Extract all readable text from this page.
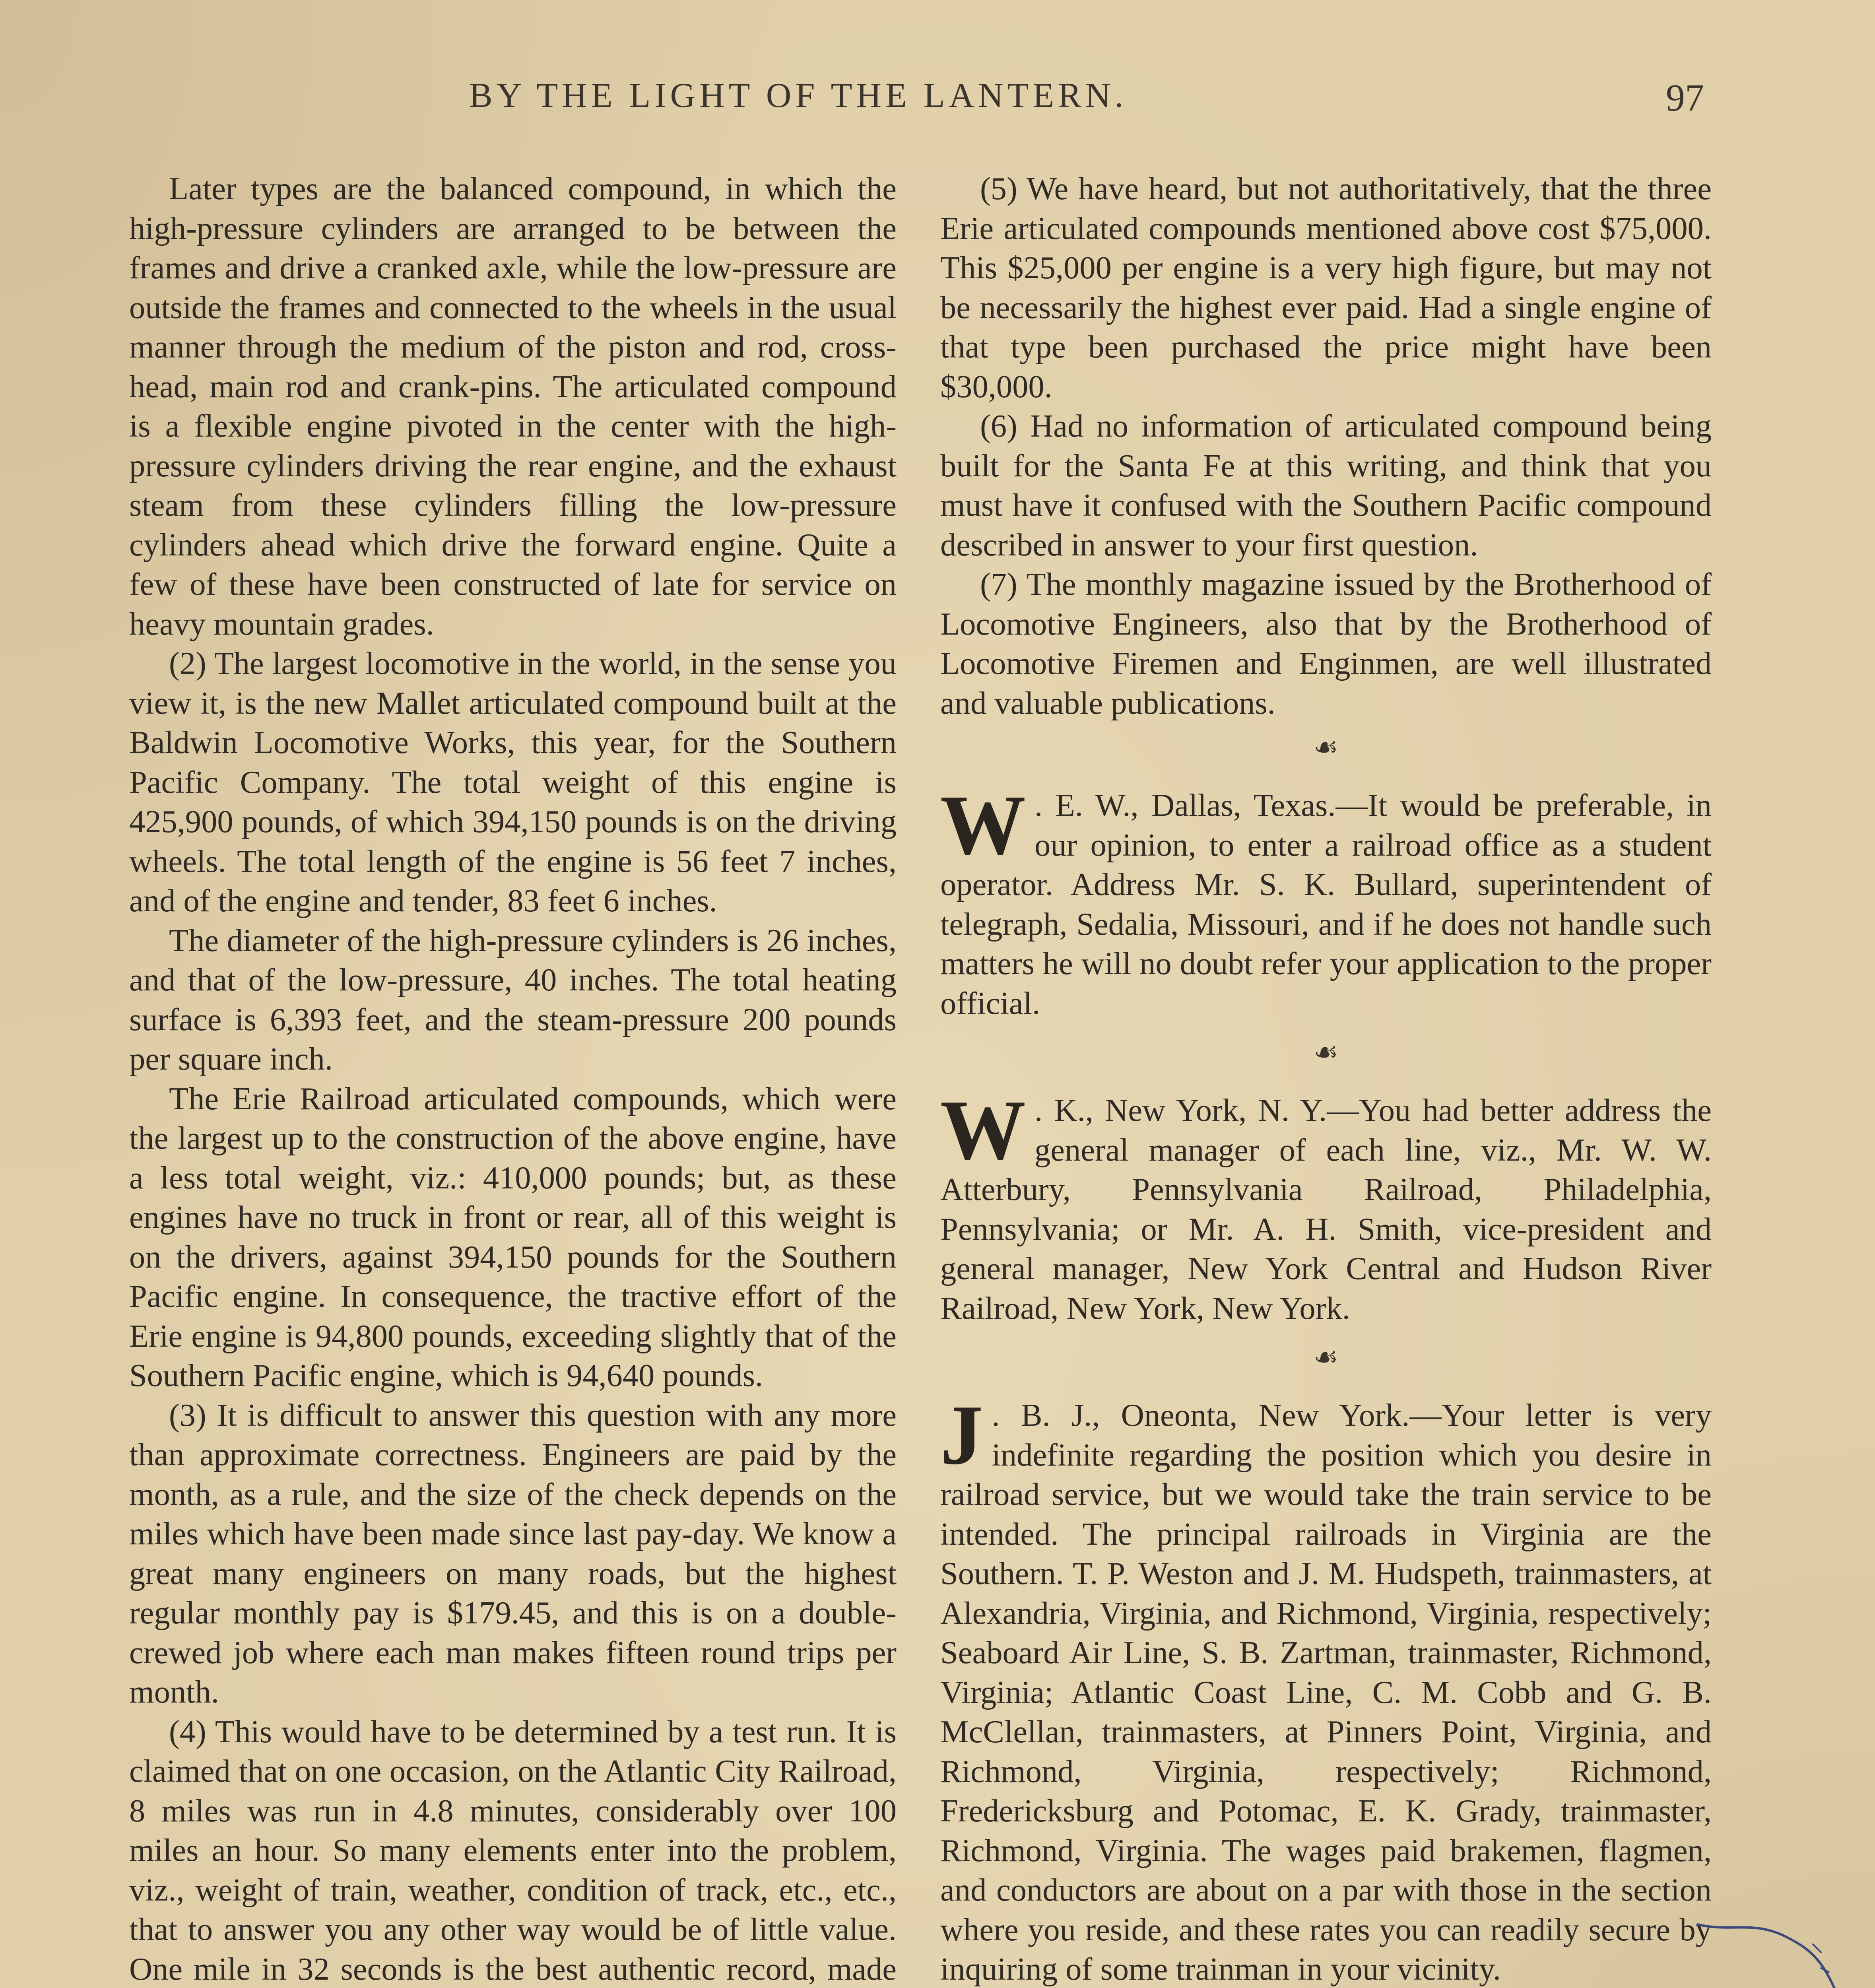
BY THE LIGHT OF THE LANTERN.	97

Later types are the balanced compound, in which the high-pressure cylinders are arranged to be between the frames and drive a cranked axle, while the low-pressure are outside the frames and connected to the wheels in the usual manner through the medium of the piston and rod, cross-head, main rod and crank-pins. The articulated compound is a flexible engine pivoted in the center with the high-pressure cylinders driving the rear engine, and the exhaust steam from these cylinders filling the low-pressure cylinders ahead which drive the forward engine. Quite a few of these have been constructed of late for service on heavy mountain grades.

(2) The largest locomotive in the world, in the sense you view it, is the new Mallet articulated compound built at the Baldwin Locomotive Works, this year, for the Southern Pacific Company. The total weight of this engine is 425,900 pounds, of which 394,150 pounds is on the driving wheels. The total length of the engine is 56 feet 7 inches, and of the engine and tender, 83 feet 6 inches.

The diameter of the high-pressure cylinders is 26 inches, and that of the low-pressure, 40 inches. The total heating surface is 6,393 feet, and the steam-pressure 200 pounds per square inch.

The Erie Railroad articulated compounds, which were the largest up to the construction of the above engine, have a less total weight, viz.: 410,000 pounds; but, as these engines have no truck in front or rear, all of this weight is on the drivers, against 394,150 pounds for the Southern Pacific engine. In consequence, the tractive effort of the Erie engine is 94,800 pounds, exceeding slightly that of the Southern Pacific engine, which is 94,640 pounds.

(3) It is difficult to answer this question with any more than approximate correctness. Engineers are paid by the month, as a rule, and the size of the check depends on the miles which have been made since last pay-day. We know a great many engineers on many roads, but the highest regular monthly pay is $179.45, and this is on a double-crewed job where each man makes fifteen round trips per month.

(4) This would have to be determined by a test run. It is claimed that on one occasion, on the Atlantic City Railroad, 8 miles was run in 4.8 minutes, considerably over 100 miles an hour. So many elements enter into the problem, viz., weight of train, weather, condition of track, etc., etc., that to answer you any other way would be of little value. One mile in 32 seconds is the best authentic record, made

(5) We have heard, but not authoritatively, that the three Erie articulated compounds mentioned above cost $75,000. This $25,000 per engine is a very high figure, but may not be necessarily the highest ever paid. Had a single engine of that type been purchased the price might have been $30,000.

(6) Had no information of articulated compound being built for the Santa Fe at this writing, and think that you must have it confused with the Southern Pacific compound described in answer to your first question.

(7) The monthly magazine issued by the Brotherhood of Locomotive Engineers, also that by the Brotherhood of Locomotive Firemen and Enginmen, are well illustrated and valuable publications.

☙

W . E. W., Dallas, Texas.—It would be preferable, in our opinion, to enter a railroad office as a student operator. Address Mr. S. K. Bullard, superintendent of telegraph, Sedalia, Missouri, and if he does not handle such matters he will no doubt refer your application to the proper official.

☙

W . K., New York, N. Y.—You had better address the general manager of each line, viz., Mr. W. W. Atterbury, Pennsylvania Railroad, Philadelphia, Pennsylvania; or Mr. A. H. Smith, vice-president and general manager, New York Central and Hudson River Railroad, New York, New York.

☙

J . B. J., Oneonta, New York.—Your letter is very indefinite regarding the position which you desire in railroad service, but we would take the train service to be intended. The principal railroads in Virginia are the Southern. T. P. Weston and J. M. Hudspeth, trainmasters, at Alexandria, Virginia, and Richmond, Virginia, respectively; Seaboard Air Line, S. B. Zartman, trainmaster, Richmond, Virginia; Atlantic Coast Line, C. M. Cobb and G. B. McClellan, trainmasters, at Pinners Point, Virginia, and Richmond, Virginia, respectively; Richmond, Fredericksburg and Potomac, E. K. Grady, trainmaster, Richmond, Virginia. The wages paid brakemen, flagmen, and conductors are about on a par with those in the section where you reside, and these rates you can readily secure by inquiring of some trainman in your vicinity.
